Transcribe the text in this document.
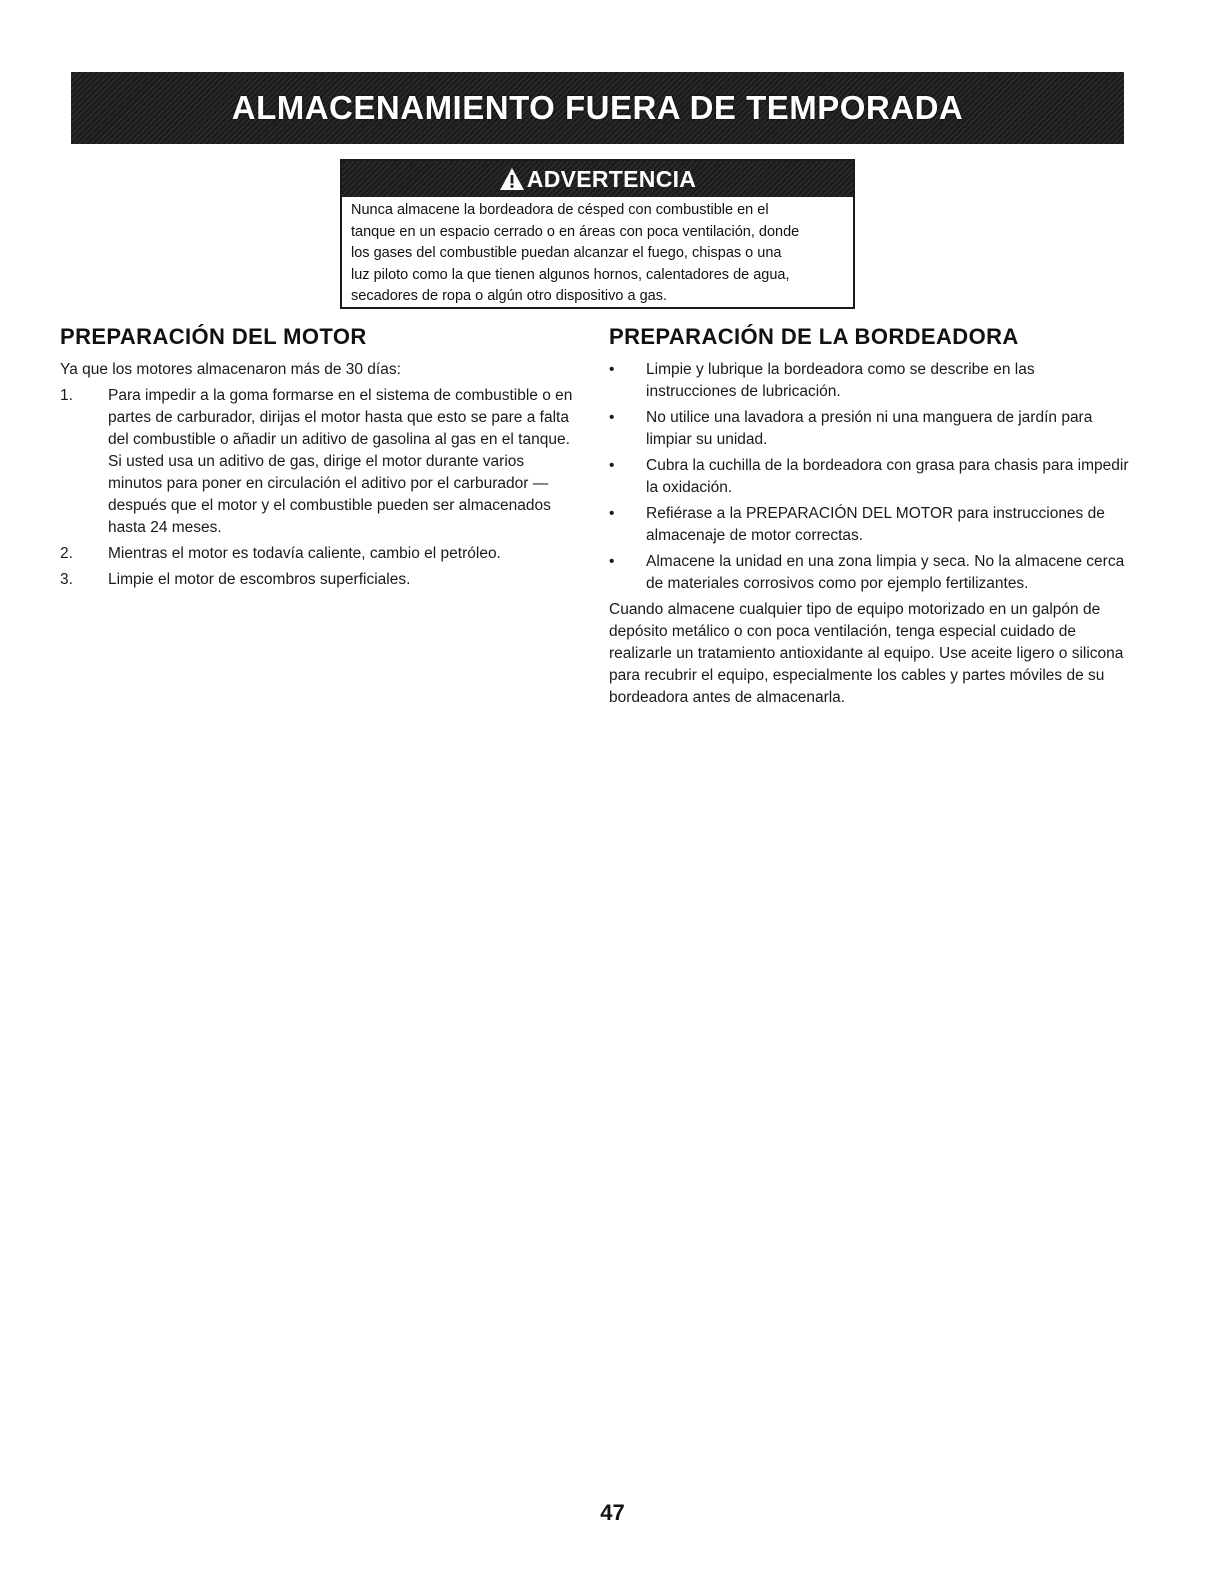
ALMACENAMIENTO FUERA DE TEMPORADA
ADVERTENCIA
Nunca almacene la bordeadora de césped con combustible en el
tanque en un espacio cerrado o en áreas con poca ventilación, donde
los gases del combustible puedan alcanzar el fuego, chispas o una
luz piloto como la que tienen algunos hornos, calentadores de agua,
secadores de ropa o algún otro dispositivo a gas.
PREPARACIÓN DEL MOTOR
Ya que los motores almacenaron más de 30 días:
1. Para impedir a la goma formarse en el sistema de combustible o en partes de carburador, dirijas el motor hasta que esto se pare a falta del combustible o añadir un aditivo de gasolina al gas en el tanque. Si usted usa un aditivo de gas, dirige el motor durante varios minutos para poner en circulación el aditivo por el carburador — después que el motor y el combustible pueden ser almacenados hasta 24 meses.
2. Mientras el motor es todavía caliente, cambio el petróleo.
3. Limpie el motor de escombros superficiales.
PREPARACIÓN DE LA BORDEADORA
• Limpie y lubrique la bordeadora como se describe en las instrucciones de lubricación.
• No utilice una lavadora a presión ni una manguera de jardín para limpiar su unidad.
• Cubra la cuchilla de la bordeadora con grasa para chasis para impedir la oxidación.
• Refiérase a la PREPARACIÓN DEL MOTOR para instrucciones de almacenaje de motor correctas.
• Almacene la unidad en una zona limpia y seca. No la almacene cerca de materiales corrosivos como por ejemplo fertilizantes.

Cuando almacene cualquier tipo de equipo motorizado en un galpón de depósito metálico o con poca ventilación, tenga especial cuidado de realizarle un tratamiento antioxidante al equipo. Use aceite ligero o silicona para recubrir el equipo, especialmente los cables y partes móviles de su bordeadora antes de almacenarla.

47
